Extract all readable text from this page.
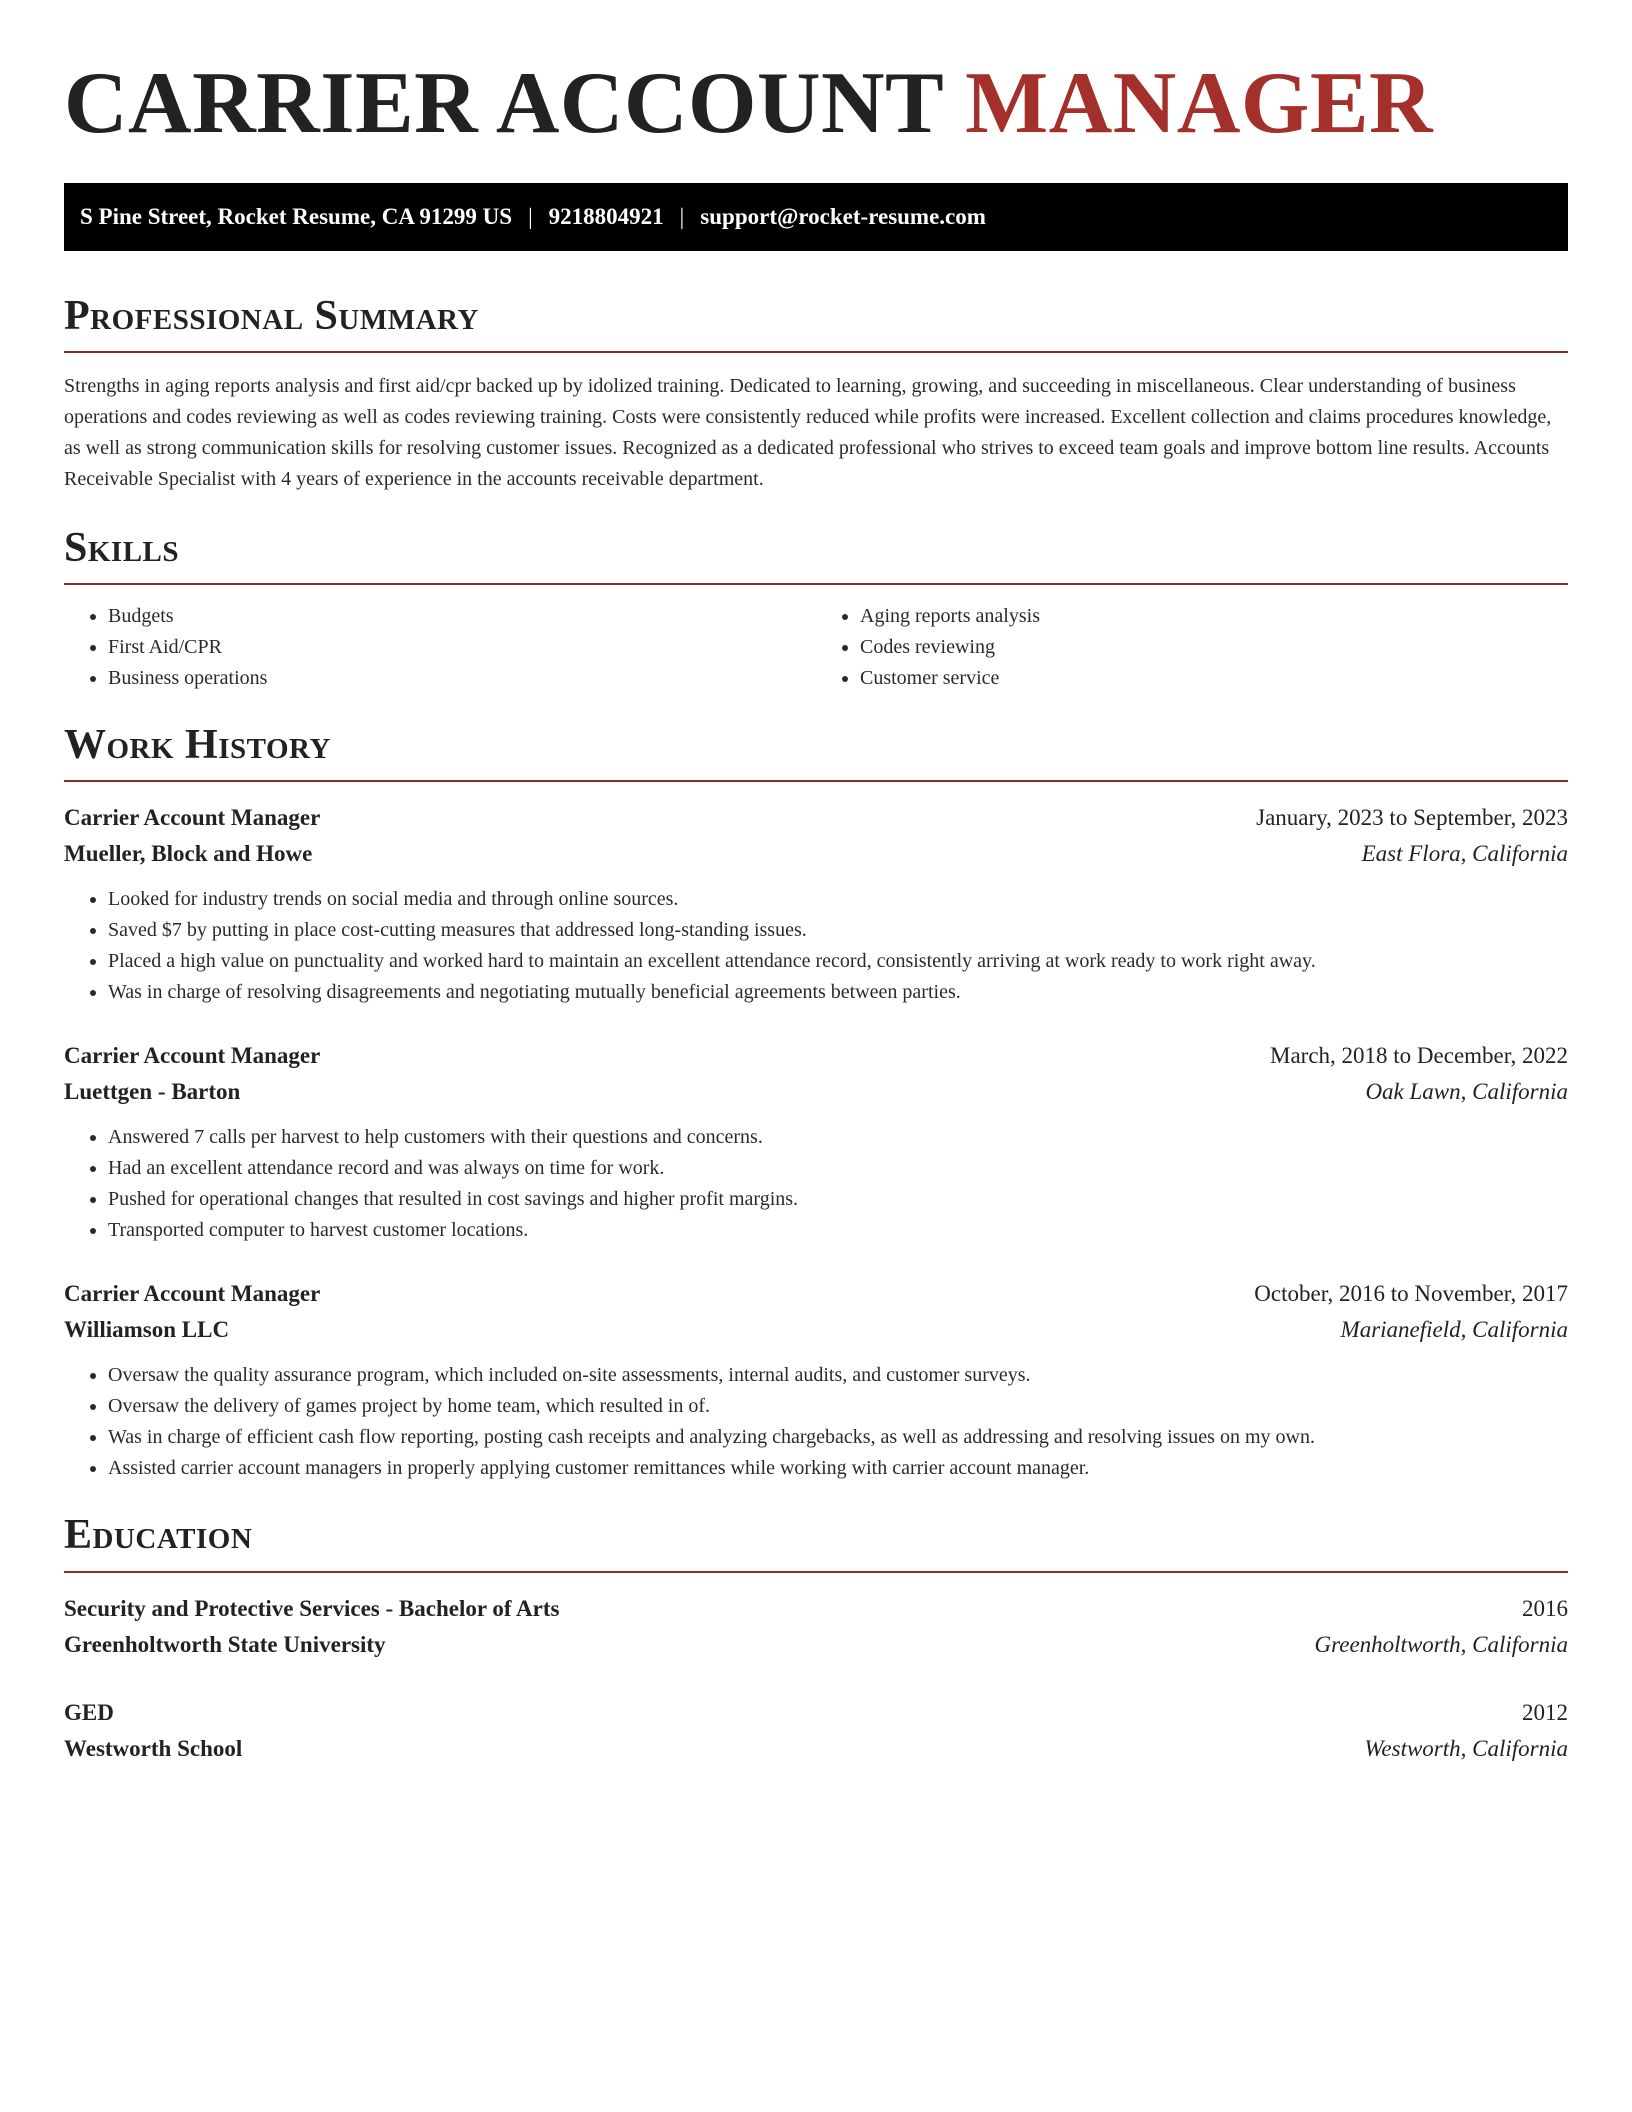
CARRIER ACCOUNT MANAGER
S Pine Street, Rocket Resume, CA 91299 US | 9218804921 | support@rocket-resume.com
Professional Summary

Strengths in aging reports analysis and first aid/cpr backed up by idolized training. Dedicated to learning, growing, and succeeding in miscellaneous. Clear understanding of business operations and codes reviewing as well as codes reviewing training. Costs were consistently reduced while profits were increased. Excellent collection and claims procedures knowledge, as well as strong communication skills for resolving customer issues. Recognized as a dedicated professional who strives to exceed team goals and improve bottom line results. Accounts Receivable Specialist with 4 years of experience in the accounts receivable department.

Skills
• Budgets
• First Aid/CPR
• Business operations
• Aging reports analysis
• Codes reviewing
• Customer service
Work History
Carrier Account Manager	January, 2023 to September, 2023
Mueller, Block and Howe	East Flora, California
• Looked for industry trends on social media and through online sources.
• Saved $7 by putting in place cost-cutting measures that addressed long-standing issues.
• Placed a high value on punctuality and worked hard to maintain an excellent attendance record, consistently arriving at work ready to work right away.
• Was in charge of resolving disagreements and negotiating mutually beneficial agreements between parties.
Carrier Account Manager	March, 2018 to December, 2022
Luettgen - Barton	Oak Lawn, California
• Answered 7 calls per harvest to help customers with their questions and concerns.
• Had an excellent attendance record and was always on time for work.
• Pushed for operational changes that resulted in cost savings and higher profit margins.
• Transported computer to harvest customer locations.
Carrier Account Manager	October, 2016 to November, 2017
Williamson LLC	Marianefield, California
• Oversaw the quality assurance program, which included on-site assessments, internal audits, and customer surveys.
• Oversaw the delivery of games project by home team, which resulted in of.
• Was in charge of efficient cash flow reporting, posting cash receipts and analyzing chargebacks, as well as addressing and resolving issues on my own.
• Assisted carrier account managers in properly applying customer remittances while working with carrier account manager.
Education
Security and Protective Services - Bachelor of Arts	2016
Greenholtworth State University	Greenholtworth, California
GED	2012
Westworth School	Westworth, California
